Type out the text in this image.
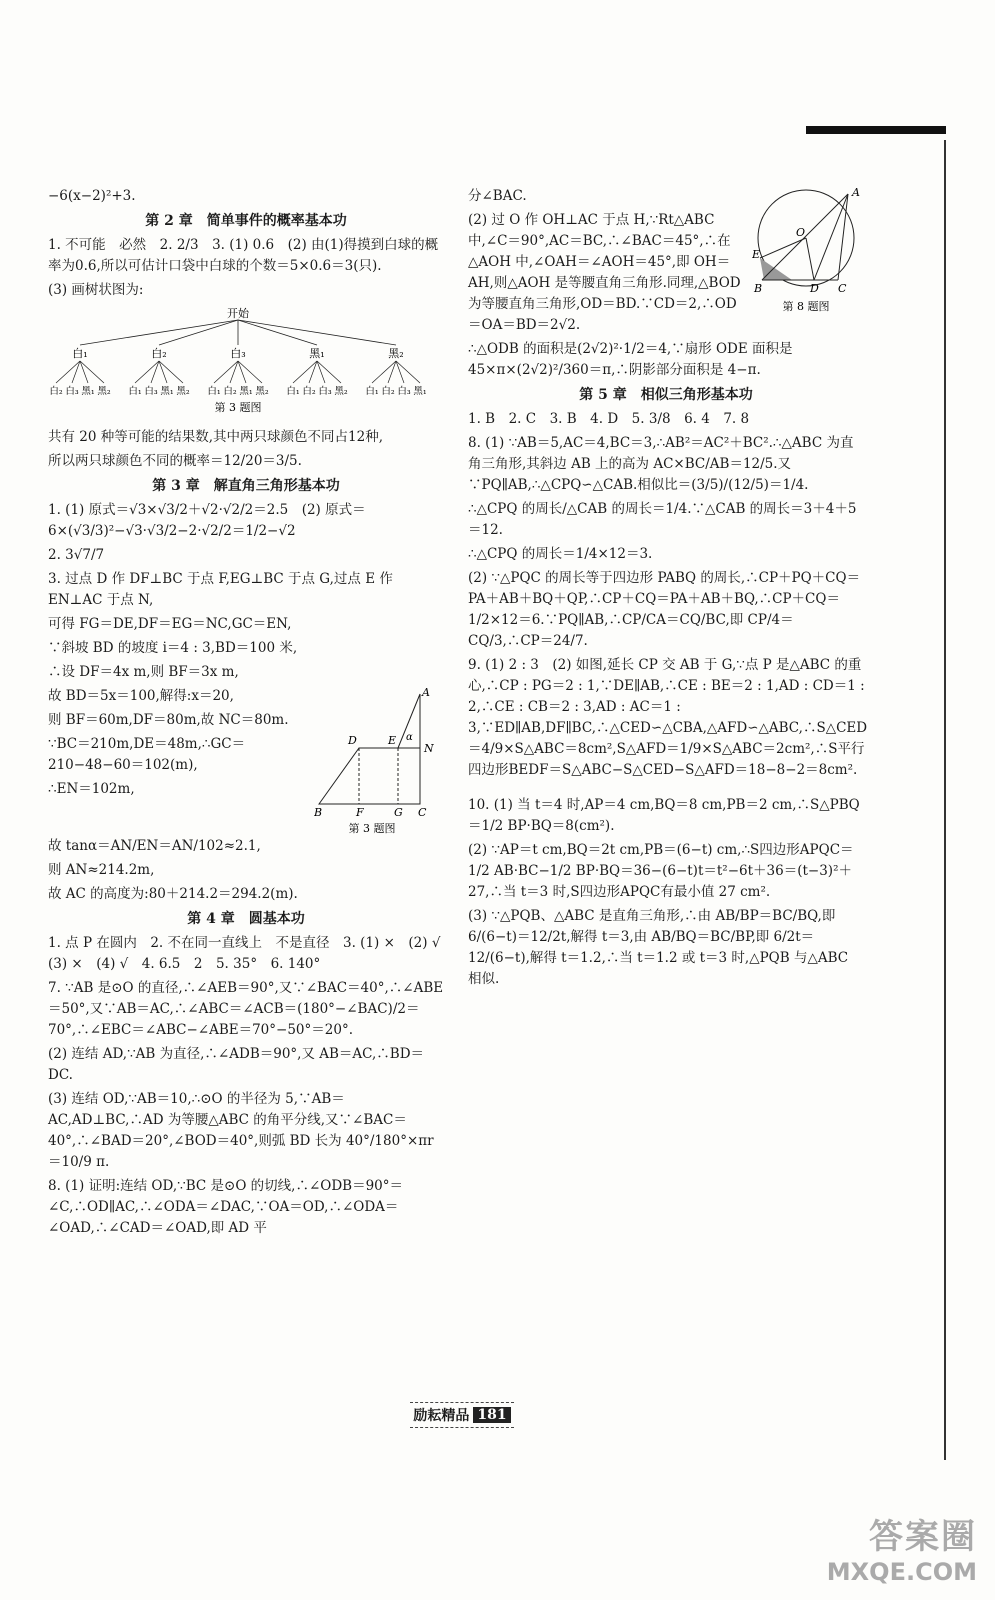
−6(x−2)²+3.

第 2 章　简单事件的概率基本功

1. 不可能　必然　2. 2/3　3. (1) 0.6　(2) 由(1)得摸到白球的概率为0.6,所以可估计口袋中白球的个数＝5×0.6＝3(只).

(3) 画树状图为:

开始
白₁	白₂	白₃	黑₁	黑₂
白₂ 白₃ 黑₁ 黑₂ 白₁ 白₃ 黑₁ 黑₂ 白₁ 白₂ 黑₁ 黑₂ 白₁ 白₂ 白₃ 黑₂ 白₁ 白₂ 白₃ 黑₁
第 3 题图

共有 20 种等可能的结果数,其中两只球颜色不同占12种,

所以两只球颜色不同的概率＝12/20＝3/5.

第 3 章　解直角三角形基本功

1. (1) 原式＝√3×√3/2＋√2·√2/2＝2.5　(2) 原式＝6×(√3/3)²−√3·√3/2−2·√2/2＝1/2−√2

2. 3√7/7

3. 过点 D 作 DF⊥BC 于点 F,EG⊥BC 于点 G,过点 E 作 EN⊥AC 于点 N,

可得 FG＝DE,DF＝EG＝NC,GC＝EN,

∵斜坡 BD 的坡度 i＝4 : 3,BD＝100 米,

∴设 DF＝4x m,则 BF＝3x m,

故 BD＝5x＝100,解得:x＝20,

则 BF＝60m,DF＝80m,故 NC＝80m.

∵BC＝210m,DE＝48m,∴GC＝210−48−60＝102(m),

∴EN＝102m,

A
D	E α
N
B	F	G C
第 3 题图

故 tanα＝AN/EN＝AN/102≈2.1,

则 AN≈214.2m,

故 AC 的高度为:80＋214.2＝294.2(m).

第 4 章　圆基本功

1. 点 P 在圆内　2. 不在同一直线上　不是直径　3. (1) ×　(2) √　(3) ×　(4) √　4. 6.5　2　5. 35°　6. 140°

7. ∵AB 是⊙O 的直径,∴∠AEB＝90°,又∵∠BAC＝40°,∴∠ABE＝50°,又∵AB＝AC,∴∠ABC＝∠ACB＝(180°−∠BAC)/2＝70°,∴∠EBC＝∠ABC−∠ABE＝70°−50°＝20°.

(2) 连结 AD,∵AB 为直径,∴∠ADB＝90°,又 AB＝AC,∴BD＝DC.

(3) 连结 OD,∵AB＝10,∴⊙O 的半径为 5,∵AB＝AC,AD⊥BC,∴AD 为等腰△ABC 的角平分线,又∵∠BAC＝40°,∴∠BAD＝20°,∠BOD＝40°,则弧 BD 长为 40°/180°×πr＝10/9 π.

8. (1) 证明:连结 OD,∵BC 是⊙O 的切线,∴∠ODB＝90°＝∠C,∴OD∥AC,∴∠ODA＝∠DAC,∵OA＝OD,∴∠ODA＝∠OAD,∴∠CAD＝∠OAD,即 AD 平

分∠BAC.

(2) 过 O 作 OH⊥AC 于点 H,∵Rt△ABC 中,∠C＝90°,AC＝BC,∴∠BAC＝45°,∴在△AOH 中,∠OAH＝∠AOH＝45°,即 OH＝AH,则△AOH 是等腰直角三角形.同理,△BOD 为等腰直角三角形,OD＝BD.∵CD＝2,∴OD＝OA＝BD＝2√2.

A
O
E
B	D C
第 8 题图

∴△ODB 的面积是(2√2)²·1/2＝4,∵扇形 ODE 面积是 45×π×(2√2)²/360＝π,∴阴影部分面积是 4−π.

第 5 章　相似三角形基本功

1. B　2. C　3. B　4. D　5. 3/8　6. 4　7. 8

8. (1) ∵AB＝5,AC＝4,BC＝3,∴AB²＝AC²＋BC².∴△ABC 为直角三角形,其斜边 AB 上的高为 AC×BC/AB＝12/5.又∵PQ∥AB,∴△CPQ∽△CAB.相似比＝(3/5)/(12/5)＝1/4.

∴△CPQ 的周长/△CAB 的周长＝1/4.∵△CAB 的周长＝3＋4＋5＝12.

∴△CPQ 的周长＝1/4×12＝3.

(2) ∵△PQC 的周长等于四边形 PABQ 的周长,∴CP＋PQ＋CQ＝PA＋AB＋BQ＋QP,∴CP＋CQ＝PA＋AB＋BQ,∴CP＋CQ＝1/2×12＝6.∵PQ∥AB,∴CP/CA＝CQ/BC,即 CP/4＝CQ/3,∴CP＝24/7.

9. (1) 2 : 3　(2) 如图,延长 CP 交 AB 于 G,∵点 P 是△ABC 的重心,∴CP : PG＝2 : 1,∵DE∥AB,∴CE : BE＝2 : 1,AD : CD＝1 : 2,∴CE : CB＝2 : 3,AD : AC＝1 : 3,∵ED∥AB,DF∥BC,∴△CED∽△CBA,△AFD∽△ABC,∴S△CED＝4/9×S△ABC＝8cm²,S△AFD＝1/9×S△ABC＝2cm²,∴S平行四边形BEDF＝S△ABC−S△CED−S△AFD＝18−8−2＝8cm².

10. (1) 当 t＝4 时,AP＝4 cm,BQ＝8 cm,PB＝2 cm,∴S△PBQ＝1/2 BP·BQ＝8(cm²).

(2) ∵AP＝t cm,BQ＝2t cm,PB＝(6−t) cm,∴S四边形APQC＝1/2 AB·BC−1/2 BP·BQ＝36−(6−t)t＝t²−6t＋36＝(t−3)²＋27,∴当 t＝3 时,S四边形APQC有最小值 27 cm².

(3) ∵△PQB、△ABC 是直角三角形,∴由 AB/BP＝BC/BQ,即 6/(6−t)＝12/2t,解得 t＝3,由 AB/BQ＝BC/BP,即 6/2t＝12/(6−t),解得 t＝1.2,∴当 t＝1.2 或 t＝3 时,△PQB 与△ABC 相似.

励耘精品 181
答案圈
MXQE.COM
